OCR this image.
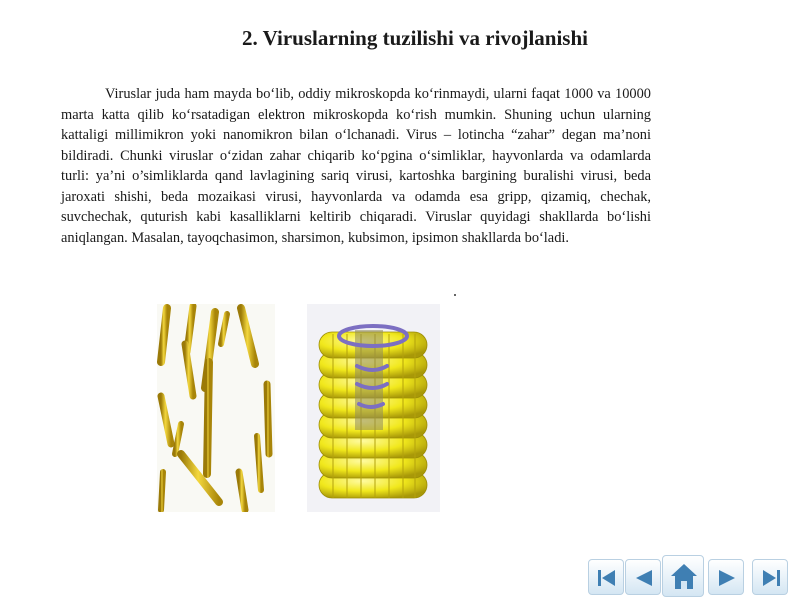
2. Viruslarning tuzilishi va rivojlanishi

Viruslar juda ham mayda bo‘lib, oddiy mikroskopda ko‘rinmaydi, ularni faqat 1000 va 10000 marta katta qilib ko‘rsatadigan elektron mikroskopda ko‘rish mumkin. Shuning uchun ularning kattaligi millimikron yoki nanomikron bilan o‘lchanadi. Virus – lotincha “zahar” degan ma’noni bildiradi. Chunki viruslar o‘zidan zahar chiqarib ko‘pgina o‘simliklar, hayvonlarda va odamlarda turli: ya’ni o’simliklarda qand lavlagining sariq virusi, kartoshka bargining buralishi virusi, beda jaroxati shishi, beda mozaikasi virusi, hayvonlarda va odamda esa gripp, qizamiq, chechak, suvchechak, quturish kabi kasalliklarni keltirib chiqaradi. Viruslar quyidagi shakllarda bo‘lishi aniqlangan. Masalan, tayoqchasimon, sharsimon, kubsimon, ipsimon shakllarda bo‘ladi.
